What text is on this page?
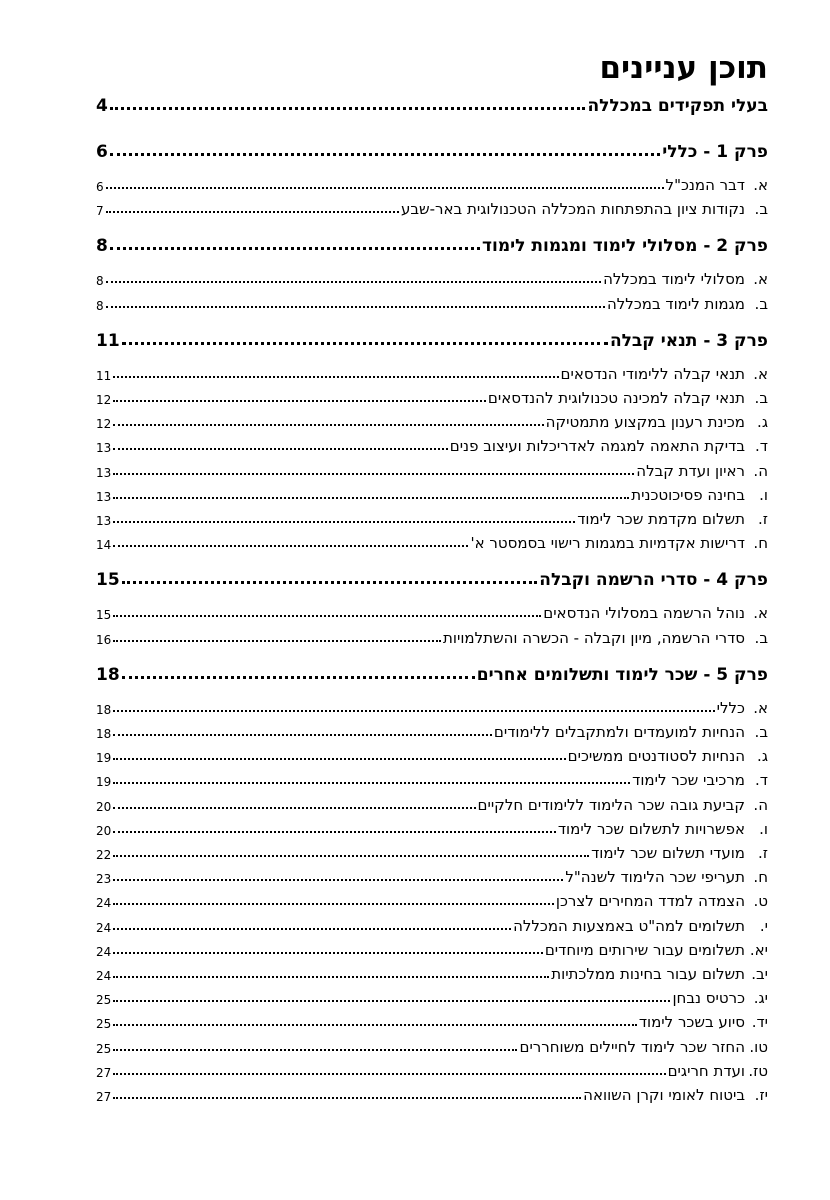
תוכן עניינים
בעלי תפקידים במכללה
4
פרק 1 - כללי
6
א.
דבר המנכ"ל
6
ב.
נקודות ציון בהתפתחות המכללה הטכנולוגית באר-שבע
7
פרק 2 - מסלולי לימוד ומגמות לימוד
8
א.
מסלולי לימוד במכללה
8
ב.
מגמות לימוד במכללה
8
פרק 3 - תנאי קבלה
11
א.
תנאי קבלה ללימודי הנדסאים
11
ב.
תנאי קבלה למכינה טכנולוגית להנדסאים
12
ג.
מכינת רענון במקצוע מתמטיקה
12
ד.
בדיקת התאמה למגמה לאדריכלות ועיצוב פנים
13
ה.
ראיון ועדת קבלה
13
ו.
בחינה פסיכוטכנית
13
ז.
תשלום מקדמת שכר לימוד
13
ח.
דרישות אקדמיות במגמות רישוי בסמסטר א'
14
פרק 4 - סדרי הרשמה וקבלה
15
א.
נוהל הרשמה במסלולי הנדסאים
15
ב.
סדרי הרשמה, מיון וקבלה - הכשרה והשתלמויות
16
פרק 5 - שכר לימוד ותשלומים אחרים
18
א.
כללי
18
ב.
הנחיות למועמדים ולמתקבלים ללימודים
18
ג.
הנחיות לסטודנטים ממשיכים
19
ד.
מרכיבי שכר לימוד
19
ה.
קביעת גובה שכר הלימוד ללימודים חלקיים
20
ו.
אפשרויות לתשלום שכר לימוד
20
ז.
מועדי תשלום שכר לימוד
22
ח.
תעריפי שכר הלימוד לשנה"ל
23
ט.
הצמדה למדד המחירים לצרכן
24
י.
תשלומים למה"ט באמצעות המכללה
24
יא.
תשלומים עבור שירותים מיוחדים
24
יב.
תשלום עבור בחינות ממלכתיות
24
יג.
כרטיס נבחן
25
יד.
סיוע בשכר לימוד
25
טו.
החזר שכר לימוד לחיילים משוחררים
25
טז.
ועדת חריגים
27
יז.
ביטוח לאומי וקרן השוואה
27
